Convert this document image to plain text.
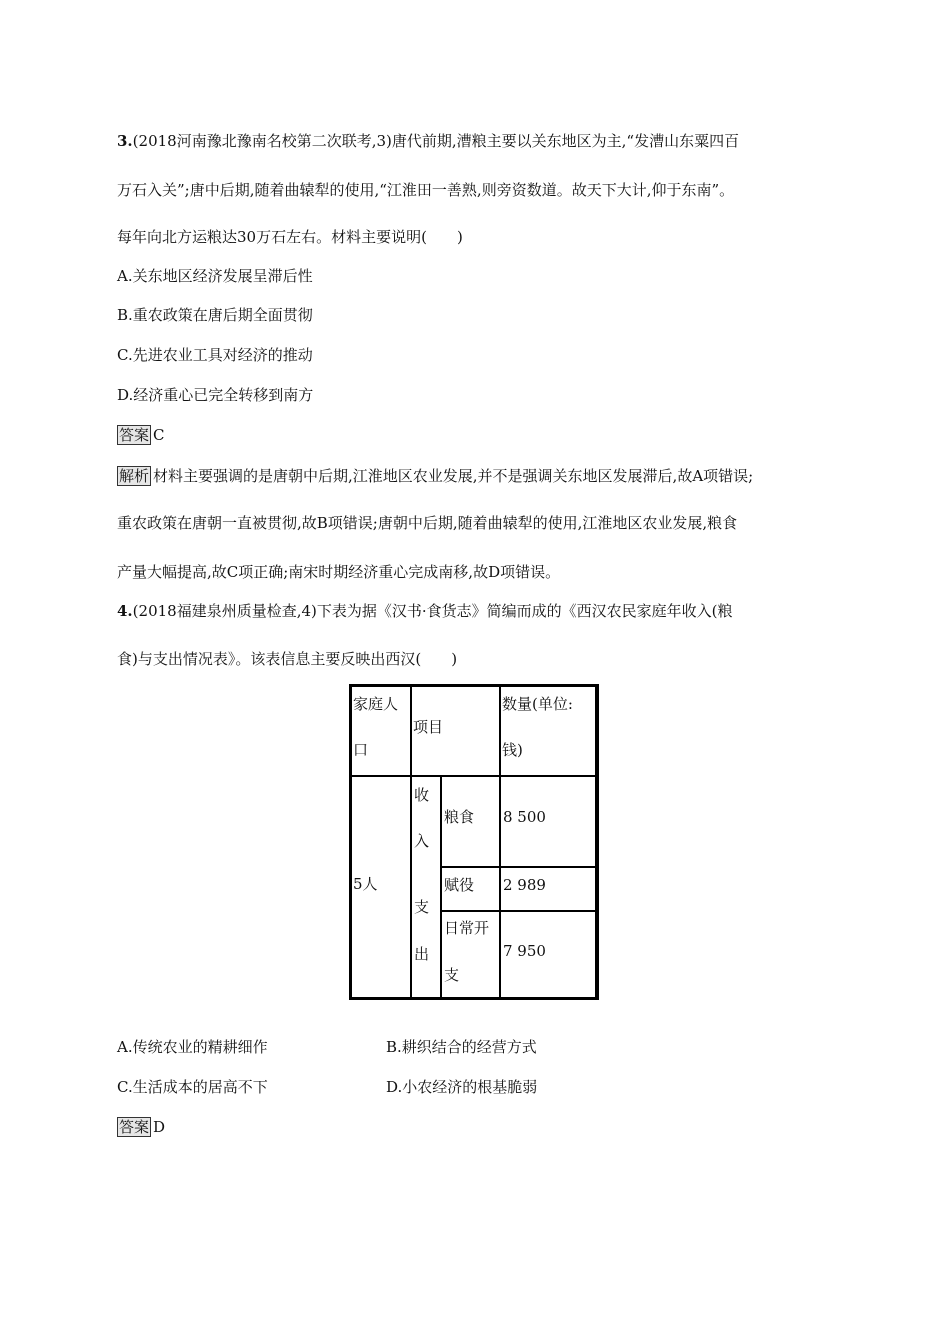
3.(2018河南豫北豫南名校第二次联考,3)唐代前期,漕粮主要以关东地区为主,“发漕山东粟四百
万石入关”;唐中后期,随着曲辕犁的使用,“江淮田一善熟,则旁资数道。故天下大计,仰于东南”。
每年向北方运粮达30万石左右。材料主要说明(　　)
A.关东地区经济发展呈滞后性
B.重农政策在唐后期全面贯彻
C.先进农业工具对经济的推动
D.经济重心已完全转移到南方
答案 C
解析 材料主要强调的是唐朝中后期,江淮地区农业发展,并不是强调关东地区发展滞后,故A项错误;
重农政策在唐朝一直被贯彻,故B项错误;唐朝中后期,随着曲辕犁的使用,江淮地区农业发展,粮食
产量大幅提高,故C项正确;南宋时期经济重心完成南移,故D项错误。
4.(2018福建泉州质量检查,4)下表为据《汉书·食货志》简编而成的《西汉农民家庭年收入(粮
食)与支出情况表》。该表信息主要反映出西汉(　　)
家庭人
口
项目
数量(单位:
钱)
5人
收
入
支
出
粮食 8 500
赋役 2 989
日常开
支
7 950
A.传统农业的精耕细作	B.耕织结合的经营方式
C.生活成本的居高不下	D.小农经济的根基脆弱
答案 D
